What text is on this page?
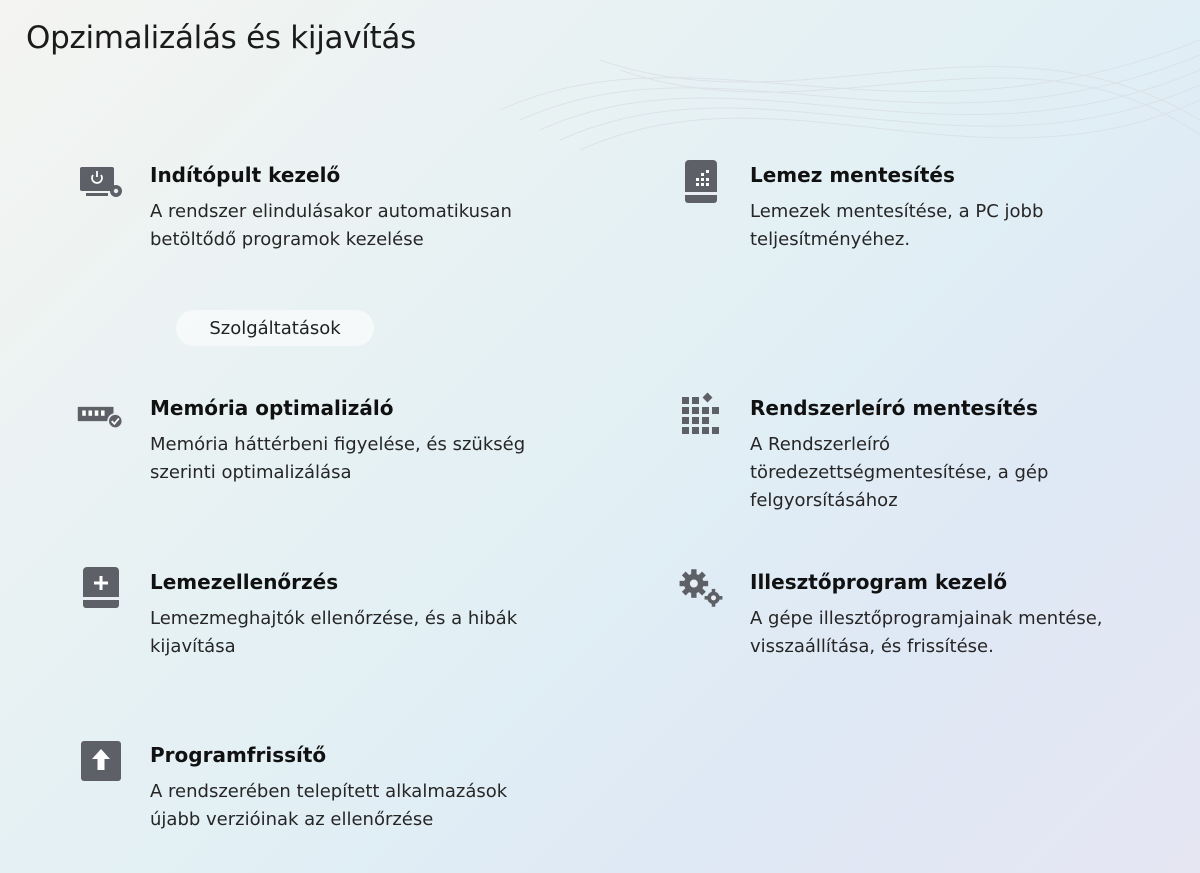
Opzimalizálás és kijavítás
Indítópult kezelő
A rendszer elindulásakor automatikusan
betöltődő programok kezelése
Szolgáltatások
Lemez mentesítés
Lemezek mentesítése, a PC jobb
teljesítményéhez.
Memória optimalizáló
Memória háttérbeni figyelése, és szükség
szerinti optimalizálása
Rendszerleíró mentesítés
A Rendszerleíró
töredezettségmentesítése, a gép
felgyorsításához
Lemezellenőrzés
Lemezmeghajtók ellenőrzése, és a hibák
kijavítása
Illesztőprogram kezelő
A gépe illesztőprogramjainak mentése,
visszaállítása, és frissítése.
Programfrissítő
A rendszerében telepített alkalmazások
újabb verzióinak az ellenőrzése
